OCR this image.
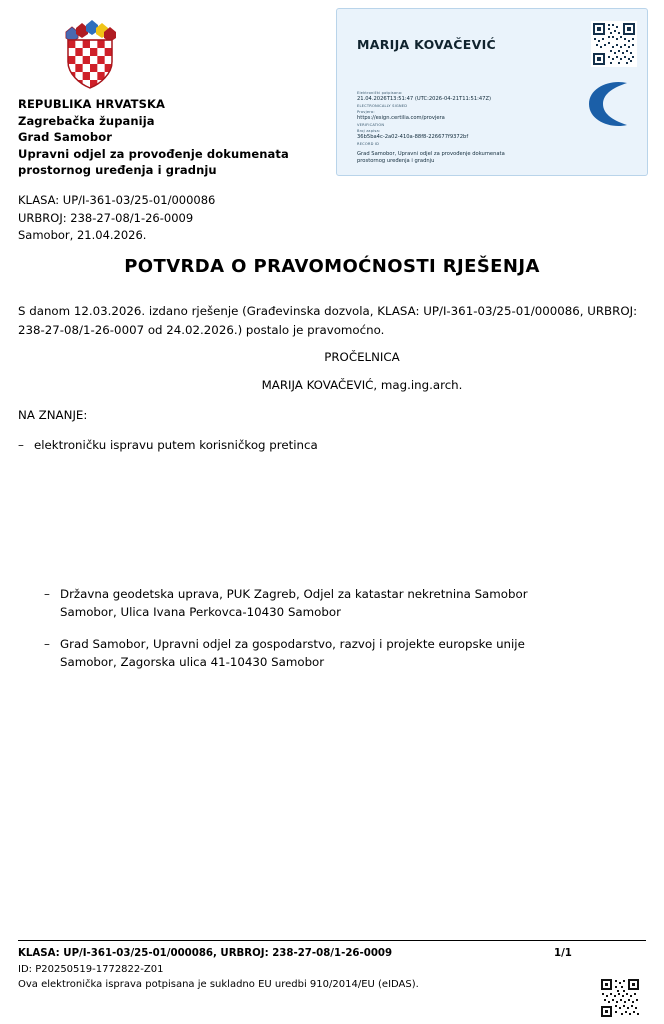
REPUBLIKA HRVATSKA
Zagrebačka županija
Grad Samobor
Upravni odjel za provođenje dokumenata
prostornog uređenja i gradnju
KLASA: UP/I-361-03/25-01/000086
URBROJ: 238-27-08/1-26-0009
Samobor, 21.04.2026.
MARIJA KOVAČEVIĆ
Elektronički potpisano:
21.04.2026T13:51:47 (UTC:2026-04-21T11:51:47Z)
ELECTRONICALLY SIGNED
Provjera:
https://esign.certilia.com/provjera
VERIFICATION
Broj zapisa:
36b5ba4c-2a02-410a-88f8-226677f9372bf
RECORD ID
Grad Samobor, Upravni odjel za provođenje dokumenata
prostornog uređenja i gradnju
POTVRDA O PRAVOMOĆNOSTI RJEŠENJA
S danom 12.03.2026. izdano rješenje (Građevinska dozvola, KLASA: UP/I-361-03/25-01/000086, URBROJ: 238-27-08/1-26-0007 od 24.02.2026.) postalo je pravomoćno.
PROČELNICA
MARIJA KOVAČEVIĆ, mag.ing.arch.
NA ZNANJE:
– elektroničku ispravu putem korisničkog pretinca
– Državna geodetska uprava, PUK Zagreb, Odjel za katastar nekretnina Samobor
Samobor, Ulica Ivana Perkovca-10430 Samobor
– Grad Samobor, Upravni odjel za gospodarstvo, razvoj i projekte europske unije
Samobor, Zagorska ulica 41-10430 Samobor
KLASA: UP/I-361-03/25-01/000086, URBROJ: 238-27-08/1-26-0009	1/1
ID: P20250519-1772822-Z01
Ova elektronička isprava potpisana je sukladno EU uredbi 910/2014/EU (eIDAS).
